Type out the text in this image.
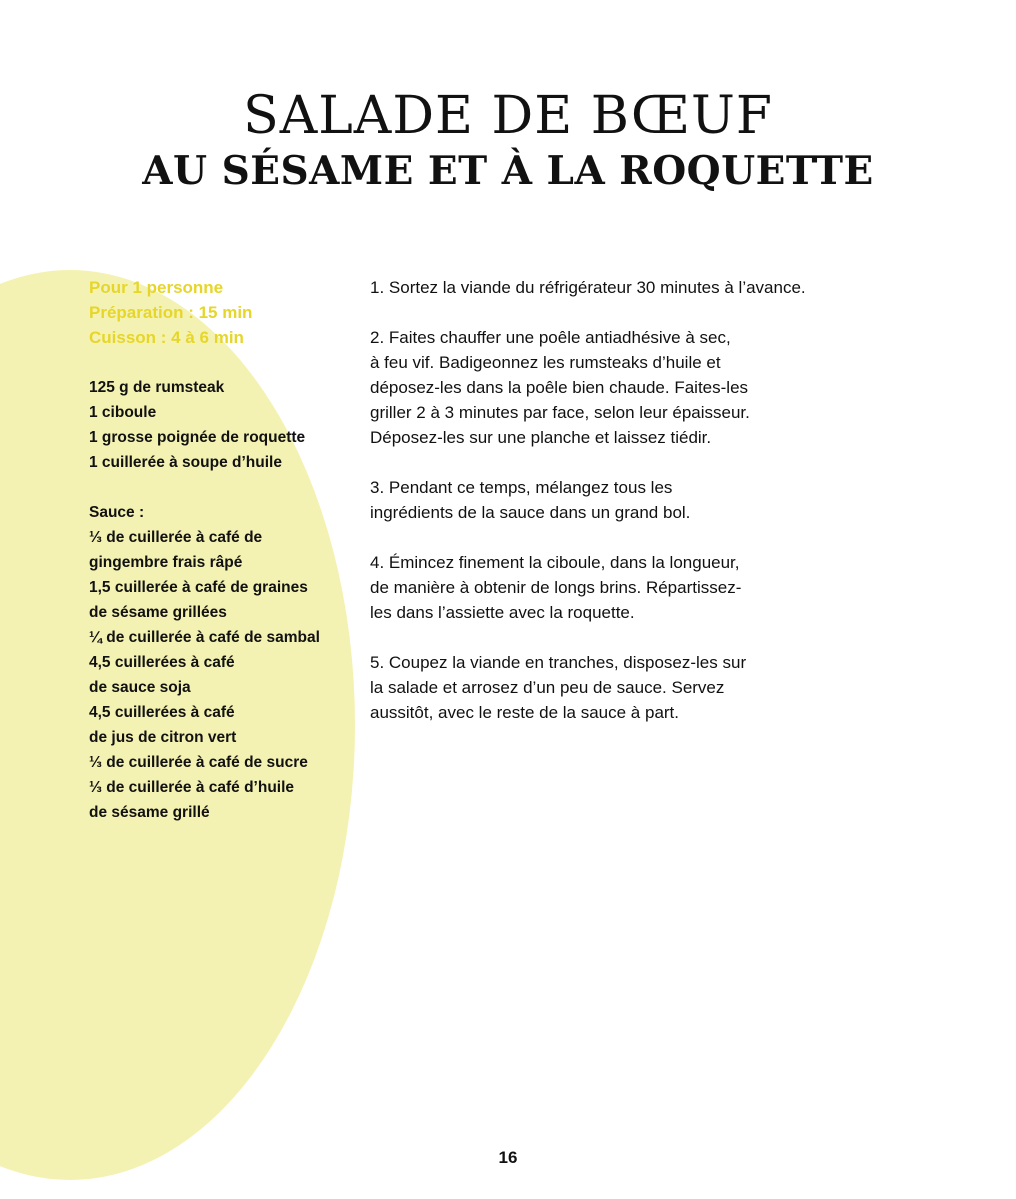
SALADE DE BŒUF
AU SÉSAME ET À LA ROQUETTE
Pour 1 personne
Préparation : 15 min
Cuisson : 4 à 6 min
125 g de rumsteak
1 ciboule
1 grosse poignée de roquette
1 cuillerée à soupe d’huile
Sauce :
⅓ de cuillerée à café de
gingembre frais râpé
1,5 cuillerée à café de graines
de sésame grillées
¼ de cuillerée à café de sambal
4,5 cuillerées à café
de sauce soja
4,5 cuillerées à café
de jus de citron vert
⅓ de cuillerée à café de sucre
⅓ de cuillerée à café d’huile
de sésame grillé
1. Sortez la viande du réfrigérateur 30 minutes à l’avance.
2. Faites chauffer une poêle antiadhésive à sec,
à feu vif. Badigeonnez les rumsteaks d’huile et
déposez-les dans la poêle bien chaude. Faites-les
griller 2 à 3 minutes par face, selon leur épaisseur.
Déposez-les sur une planche et laissez tiédir.
3. Pendant ce temps, mélangez tous les
ingrédients de la sauce dans un grand bol.
4. Émincez finement la ciboule, dans la longueur,
de manière à obtenir de longs brins. Répartissez-
les dans l’assiette avec la roquette.
5. Coupez la viande en tranches, disposez-les sur
la salade et arrosez d’un peu de sauce. Servez
aussitôt, avec le reste de la sauce à part.
16
